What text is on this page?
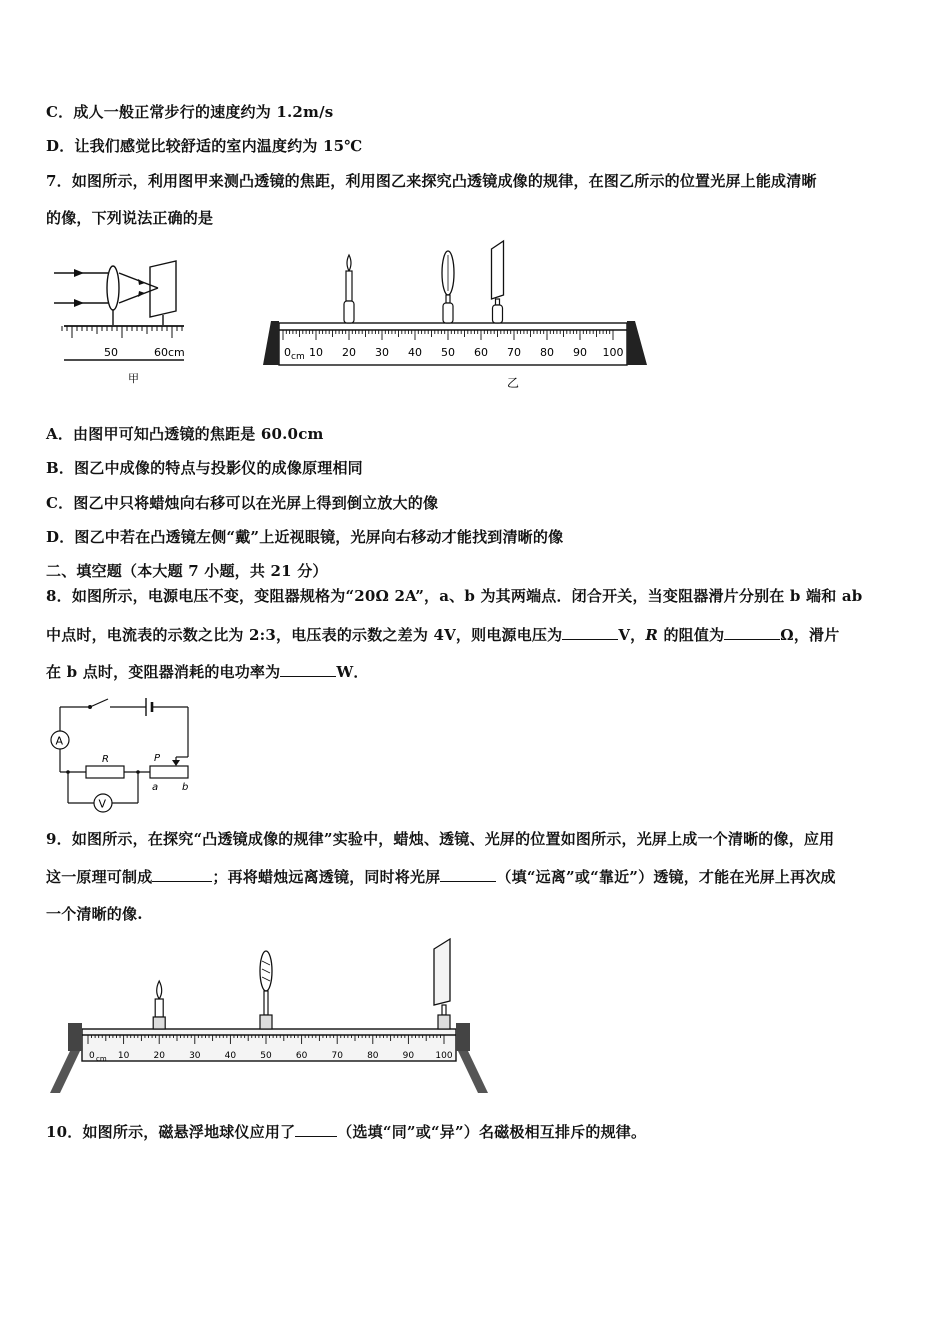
C．成人一般正常步行的速度约为 1.2m/s
D．让我们感觉比较舒适的室内温度约为 15℃
7．如图所示，利用图甲来测凸透镜的焦距，利用图乙来探究凸透镜成像的规律，在图乙所示的位置光屏上能成清晰
的像，下列说法正确的是
50	60cm
甲
0 10 20 30 40 50 60 70 80 90 100
cm
乙
A．由图甲可知凸透镜的焦距是 60.0cm
B．图乙中成像的特点与投影仪的成像原理相同
C．图乙中只将蜡烛向右移可以在光屏上得到倒立放大的像
D．图乙中若在凸透镜左侧“戴”上近视眼镜，光屏向右移动才能找到清晰的像
二、填空题（本大题 7 小题，共 21 分）
8．如图所示，电源电压不变，变阻器规格为“20Ω 2A”，a、b 为其两端点．闭合开关，当变阻器滑片分别在 b 端和 ab
中点时，电流表的示数之比为 2:3，电压表的示数之差为 4V，则电源电压为	V，R 的阻值为	Ω，滑片
在 b 点时，变阻器消耗的电功率为	W．
A
V
R	P
a b
9．如图所示，在探究“凸透镜成像的规律”实验中，蜡烛、透镜、光屏的位置如图所示，光屏上成一个清晰的像，应用
这一原理可制成	；再将蜡烛远离透镜，同时将光屏	（填“远离”或“靠近”）透镜，才能在光屏上再次成
一个清晰的像.
0	10	20	30	40	50	60	70	80	90 100
cm
10．如图所示，磁悬浮地球仪应用了	（选填“同”或“异”）名磁极相互排斥的规律。
